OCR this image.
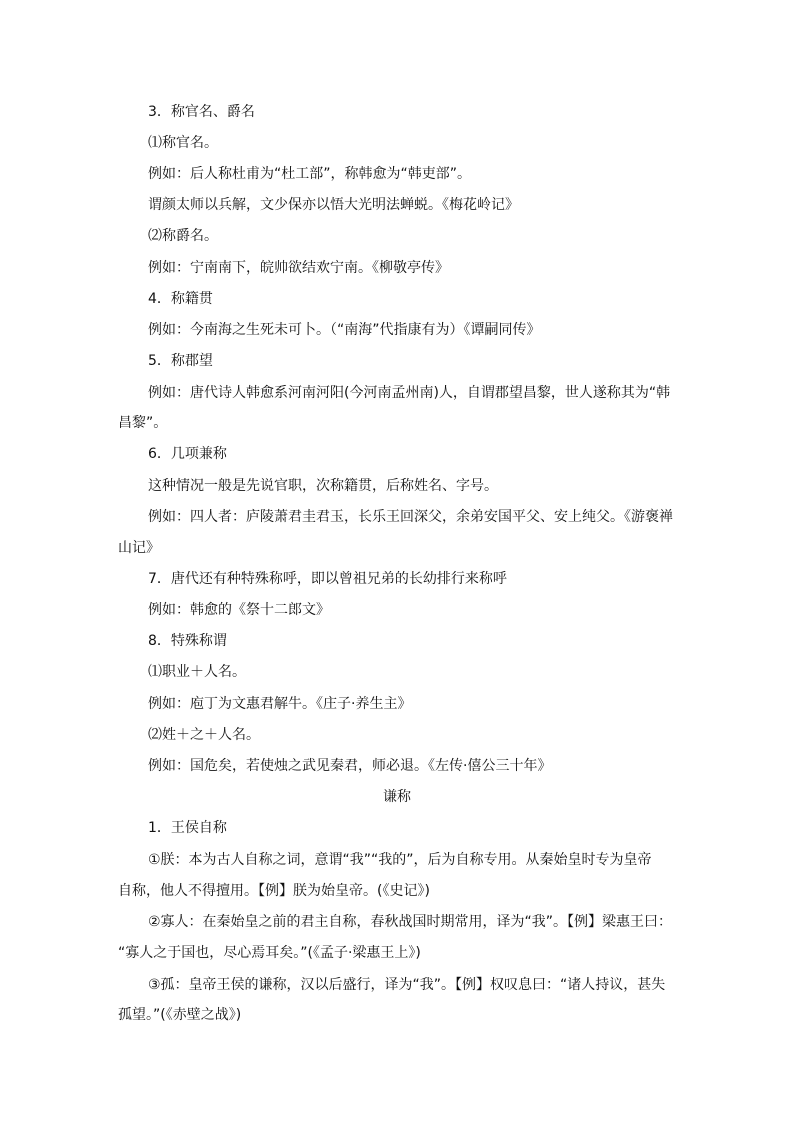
3．称官名、爵名
⑴称官名。
例如：后人称杜甫为“杜工部”，称韩愈为“韩吏部”。
谓颜太师以兵解，文少保亦以悟大光明法蝉蜕。《梅花岭记》
⑵称爵名。
例如：宁南南下，皖帅欲结欢宁南。《柳敬亭传》
4．称籍贯
例如：今南海之生死未可卜。（“南海”代指康有为）《谭嗣同传》
5．称郡望
例如：唐代诗人韩愈系河南河阳(今河南孟州南)人，自谓郡望昌黎，世人遂称其为“韩
昌黎”。
6．几项兼称
这种情况一般是先说官职，次称籍贯，后称姓名、字号。
例如：四人者：庐陵萧君圭君玉，长乐王回深父，余弟安国平父、安上纯父。《游褒禅
山记》
7．唐代还有种特殊称呼，即以曾祖兄弟的长幼排行来称呼
例如：韩愈的《祭十二郎文》
8．特殊称谓
⑴职业＋人名。
例如：庖丁为文惠君解牛。《庄子·养生主》
⑵姓＋之＋人名。
例如：国危矣，若使烛之武见秦君，师必退。《左传·僖公三十年》
谦称
1．王侯自称
①朕：本为古人自称之词，意谓“我”“我的”，后为自称专用。从秦始皇时专为皇帝
自称，他人不得擅用。【例】朕为始皇帝。(《史记》)
②寡人：在秦始皇之前的君主自称，春秋战国时期常用，译为“我”。【例】梁惠王曰：
“寡人之于国也，尽心焉耳矣。”(《孟子·梁惠王上》)
③孤：皇帝王侯的谦称，汉以后盛行，译为“我”。【例】权叹息曰：“诸人持议，甚失
孤望。”(《赤壁之战》)
